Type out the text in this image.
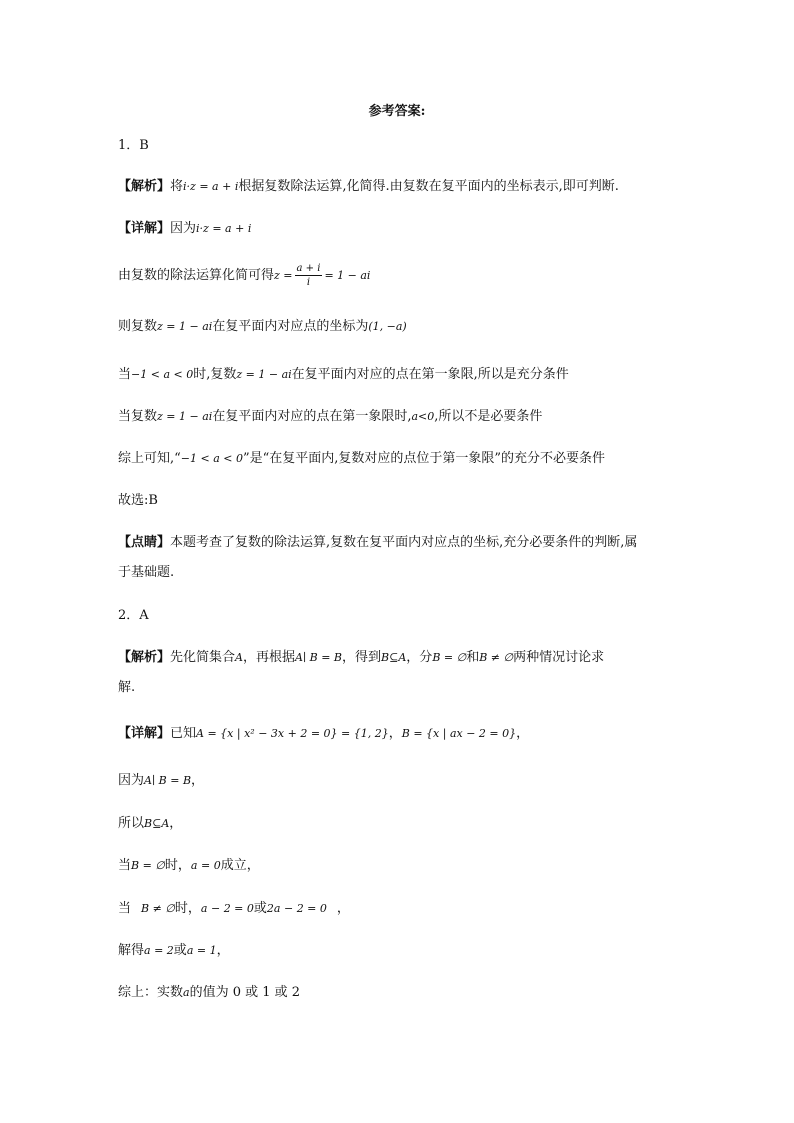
参考答案:
1．B
【解析】将i·z = a + i根据复数除法运算,化简得.由复数在复平面内的坐标表示,即可判断.
【详解】因为i·z = a + i
由复数的除法运算化简可得$z = \frac{a + i}{i} = 1$ − ai
则复数z = 1 − ai在复平面内对应点的坐标为(1, −a)
当−1 < a < 0时,复数z = 1 − ai在复平面内对应的点在第一象限,所以是充分条件
当复数z = 1 − ai在复平面内对应的点在第一象限时,a<0,所以不是必要条件
综上可知,“−1 < a < 0”是“在复平面内,复数对应的点位于第一象限”的充分不必要条件
故选:B
【点睛】本题考查了复数的除法运算,复数在复平面内对应点的坐标,充分必要条件的判断,属
于基础题.
2．A
【解析】先化简集合A，再根据A∣ B = B，得到B⊆A，分B = ∅和B ≠ ∅两种情况讨论求
解.
【详解】已知A = {x | x² − 3x + 2 = 0} = {1, 2}，B = {x | ax − 2 = 0}，
因为A∣ B = B，
所以B⊆A，
当B = ∅时，a = 0成立，
当 B ≠ ∅时，a − 2 = 0或2a − 2 = 0 ，
解得a = 2或a = 1，
综上：实数a的值为 0 或 1 或 2
